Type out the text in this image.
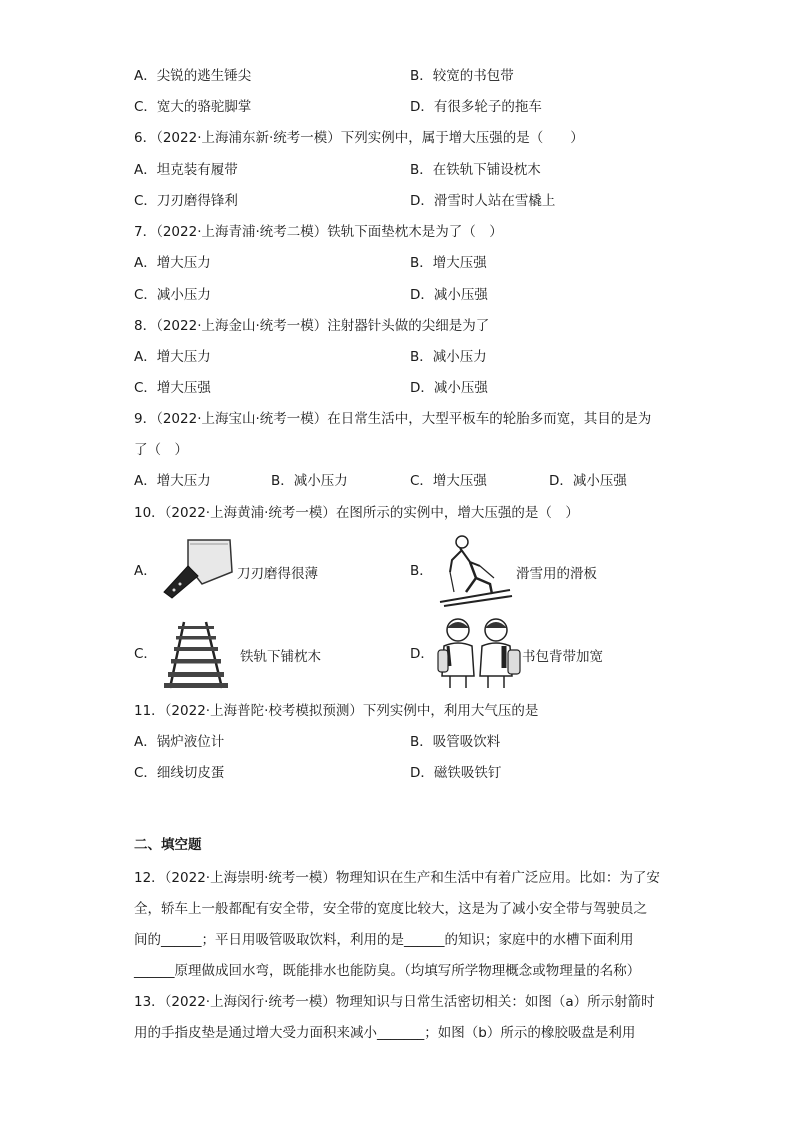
A．尖锐的逃生锤尖	B．较宽的书包带
C．宽大的骆驼脚掌	D．有很多轮子的拖车
6．（2022·上海浦东新·统考一模）下列实例中，属于增大压强的是（　　）
A．坦克装有履带	B．在铁轨下铺设枕木
C．刀刃磨得锋利	D．滑雪时人站在雪橇上
7．（2022·上海青浦·统考二模）铁轨下面垫枕木是为了（　）
A．增大压力	B．增大压强
C．减小压力	D．减小压强
8．（2022·上海金山·统考一模）注射器针头做的尖细是为了
A．增大压力	B．减小压力
C．增大压强	D．减小压强
9．（2022·上海宝山·统考一模）在日常生活中，大型平板车的轮胎多而宽，其目的是为
了（　）
A．增大压力	B．减小压力	C．增大压强	D．减小压强
10．（2022·上海黄浦·统考一模）在图所示的实例中，增大压强的是（　）
A．	刀刃磨得很薄	B．	滑雪用的滑板
C．	铁轨下铺枕木	D．	书包背带加宽
11．（2022·上海普陀·校考模拟预测）下列实例中，利用大气压的是
A．锅炉液位计	B．吸管吸饮料
C．细线切皮蛋	D．磁铁吸铁钉
二、填空题
12．（2022·上海崇明·统考一模）物理知识在生产和生活中有着广泛应用。比如：为了安
全，轿车上一般都配有安全带，安全带的宽度比较大，这是为了减小安全带与驾驶员之
间的______；平日用吸管吸取饮料，利用的是______的知识；家庭中的水槽下面利用
______原理做成回水弯，既能排水也能防臭。（均填写所学物理概念或物理量的名称）
13．（2022·上海闵行·统考一模）物理知识与日常生活密切相关：如图（a）所示射箭时
用的手指皮垫是通过增大受力面积来减小_______；如图（b）所示的橡胶吸盘是利用
